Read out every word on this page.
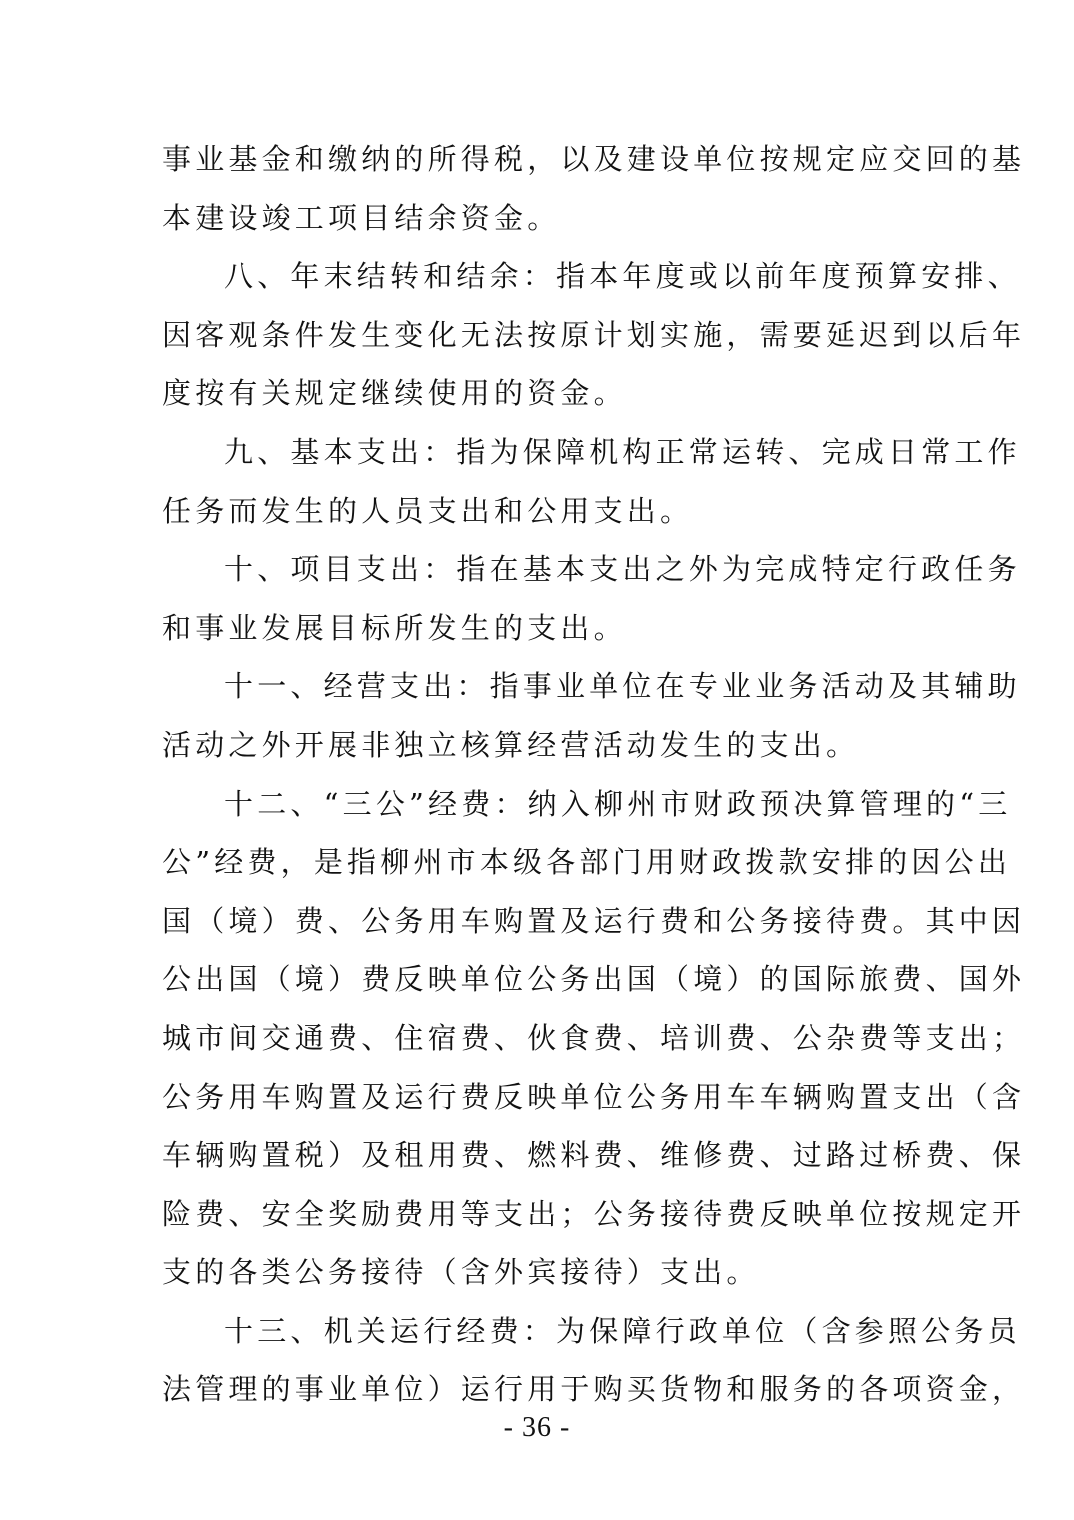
事业基金和缴纳的所得税，以及建设单位按规定应交回的基
本建设竣工项目结余资金。
八、年末结转和结余：指本年度或以前年度预算安排、
因客观条件发生变化无法按原计划实施，需要延迟到以后年
度按有关规定继续使用的资金。
九、基本支出：指为保障机构正常运转、完成日常工作
任务而发生的人员支出和公用支出。
十、项目支出：指在基本支出之外为完成特定行政任务
和事业发展目标所发生的支出。
十一、经营支出：指事业单位在专业业务活动及其辅助
活动之外开展非独立核算经营活动发生的支出。
十二、“三公”经费：纳入柳州市财政预决算管理的“三
公”经费，是指柳州市本级各部门用财政拨款安排的因公出
国（境）费、公务用车购置及运行费和公务接待费。其中因
公出国（境）费反映单位公务出国（境）的国际旅费、国外
城市间交通费、住宿费、伙食费、培训费、公杂费等支出；
公务用车购置及运行费反映单位公务用车车辆购置支出（含
车辆购置税）及租用费、燃料费、维修费、过路过桥费、保
险费、安全奖励费用等支出；公务接待费反映单位按规定开
支的各类公务接待（含外宾接待）支出。
十三、机关运行经费：为保障行政单位（含参照公务员
法管理的事业单位）运行用于购买货物和服务的各项资金，
- 36 -
